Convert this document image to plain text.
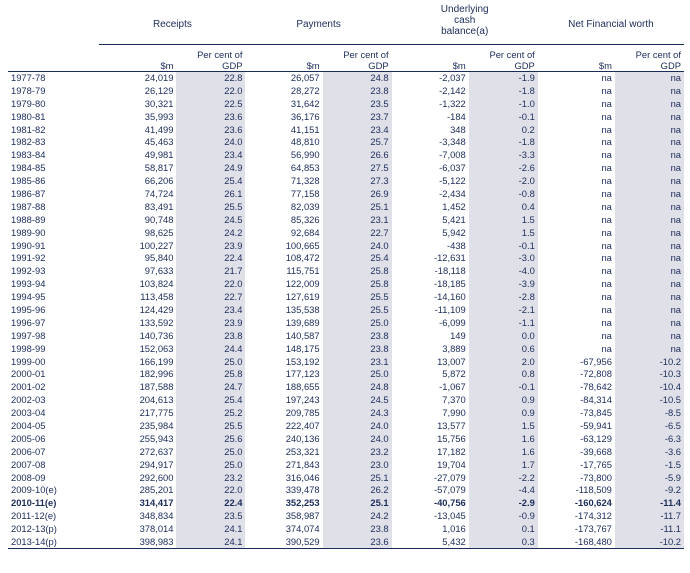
	Receipts		Payments		Underlying cash balance(a)		Net Financial worth	
	$m	Per cent of GDP	$m	Per cent of GDP	$m	Per cent of GDP	$m	Per cent of GDP
1977-78	24,019	22.8	26,057	24.8	-2,037	-1.9	na	na
1978-79	26,129	22.0	28,272	23.8	-2,142	-1.8	na	na
1979-80	30,321	22.5	31,642	23.5	-1,322	-1.0	na	na
1980-81	35,993	23.6	36,176	23.7	-184	-0.1	na	na
1981-82	41,499	23.6	41,151	23.4	348	0.2	na	na
1982-83	45,463	24.0	48,810	25.7	-3,348	-1.8	na	na
1983-84	49,981	23.4	56,990	26.6	-7,008	-3.3	na	na
1984-85	58,817	24.9	64,853	27.5	-6,037	-2.6	na	na
1985-86	66,206	25.4	71,328	27.3	-5,122	-2.0	na	na
1986-87	74,724	26.1	77,158	26.9	-2,434	-0.8	na	na
1987-88	83,491	25.5	82,039	25.1	1,452	0.4	na	na
1988-89	90,748	24.5	85,326	23.1	5,421	1.5	na	na
1989-90	98,625	24.2	92,684	22.7	5,942	1.5	na	na
1990-91	100,227	23.9	100,665	24.0	-438	-0.1	na	na
1991-92	95,840	22.4	108,472	25.4	-12,631	-3.0	na	na
1992-93	97,633	21.7	115,751	25.8	-18,118	-4.0	na	na
1993-94	103,824	22.0	122,009	25.8	-18,185	-3.9	na	na
1994-95	113,458	22.7	127,619	25.5	-14,160	-2.8	na	na
1995-96	124,429	23.4	135,538	25.5	-11,109	-2.1	na	na
1996-97	133,592	23.9	139,689	25.0	-6,099	-1.1	na	na
1997-98	140,736	23.8	140,587	23.8	149	0.0	na	na
1998-99	152,063	24.4	148,175	23.8	3,889	0.6	na	na
1999-00	166,199	25.0	153,192	23.1	13,007	2.0	-67,956	-10.2
2000-01	182,996	25.8	177,123	25.0	5,872	0.8	-72,808	-10.3
2001-02	187,588	24.7	188,655	24.8	-1,067	-0.1	-78,642	-10.4
2002-03	204,613	25.4	197,243	24.5	7,370	0.9	-84,314	-10.5
2003-04	217,775	25.2	209,785	24.3	7,990	0.9	-73,845	-8.5
2004-05	235,984	25.5	222,407	24.0	13,577	1.5	-59,941	-6.5
2005-06	255,943	25.6	240,136	24.0	15,756	1.6	-63,129	-6.3
2006-07	272,637	25.0	253,321	23.2	17,182	1.6	-39,668	-3.6
2007-08	294,917	25.0	271,843	23.0	19,704	1.7	-17,765	-1.5
2008-09	292,600	23.2	316,046	25.1	-27,079	-2.2	-73,800	-5.9
2009-10(e)	285,201	22.0	339,478	26.2	-57,079	-4.4	-118,509	-9.2
2010-11(e)	314,417	22.4	352,253	25.1	-40,756	-2.9	-160,624	-11.4
2011-12(e)	348,834	23.5	358,987	24.2	-13,045	-0.9	-174,312	-11.7
2012-13(p)	378,014	24.1	374,074	23.8	1,016	0.1	-173,767	-11.1
2013-14(p)	398,983	24.1	390,529	23.6	5,432	0.3	-168,480	-10.2
